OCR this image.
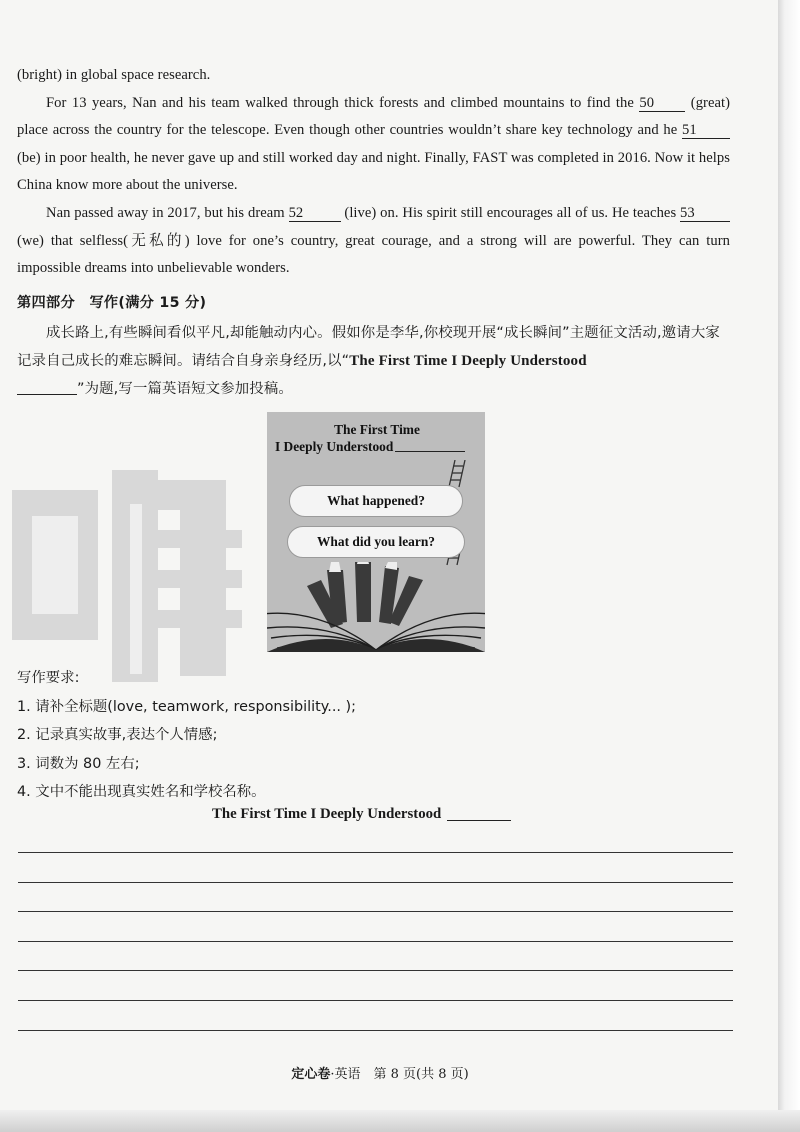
(bright) in global space research.

For 13 years, Nan and his team walked through thick forests and climbed mountains to find the 50	(great) place across the country for the telescope. Even though other countries wouldn’t share key technology and he 51 (be) in poor health, he never gave up and still worked day and night. Finally, FAST was completed in 2016. Now it helps China know more about the universe.

Nan passed away in 2017, but his dream 52	(live) on. His spirit still encourages all of us. He teaches 53 (we) that selfless(无私的) love for one’s country, great courage, and a strong will are powerful. They can turn impossible dreams into unbelievable wonders.

第四部分　写作(满分 15 分)

成长路上,有些瞬间看似平凡,却能触动内心。假如你是李华,你校现开展“成长瞬间”主题征文活动,邀请大家记录自己成长的难忘瞬间。请结合自身亲身经历,以“The First Time I Deeply Understood

”为题,写一篇英语短文参加投稿。

The First Time
I Deeply Understood
What happened?
What did you learn?
写作要求:
1. 请补全标题(love, teamwork, responsibility... );
2. 记录真实故事,表达个人情感;
3. 词数为 80 左右;
4. 文中不能出现真实姓名和学校名称。
The First Time I Deeply Understood
定心卷·英语　第 8 页(共 8 页)
